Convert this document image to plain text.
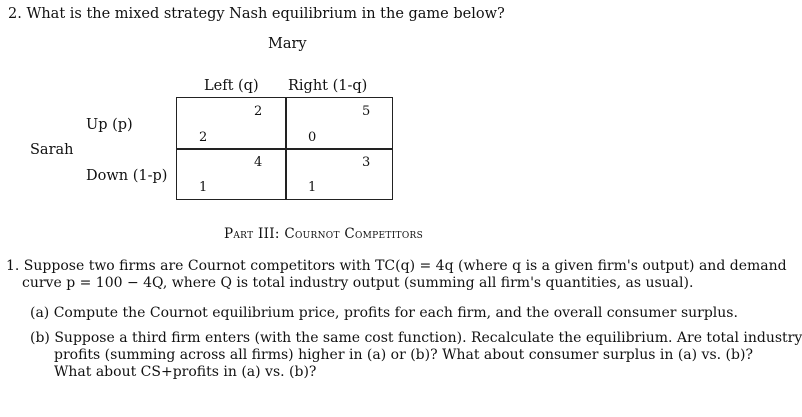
2. What is the mixed strategy Nash equilibrium in the game below?
Mary
Left (q) Right (1-q)
Sarah
Up (p)
Down (1-p)
2
2
5
0
4
1
3
1
Part III: Cournot Competitors
1. Suppose two firms are Cournot competitors with TC(q) = 4q (where q is a given firm's output) and demand
curve p = 100 − 4Q, where Q is total industry output (summing all firm's quantities, as usual).
(a) Compute the Cournot equilibrium price, profits for each firm, and the overall consumer surplus.
(b) Suppose a third firm enters (with the same cost function). Recalculate the equilibrium. Are total industry
profits (summing across all firms) higher in (a) or (b)? What about consumer surplus in (a) vs. (b)?
What about CS+profits in (a) vs. (b)?
